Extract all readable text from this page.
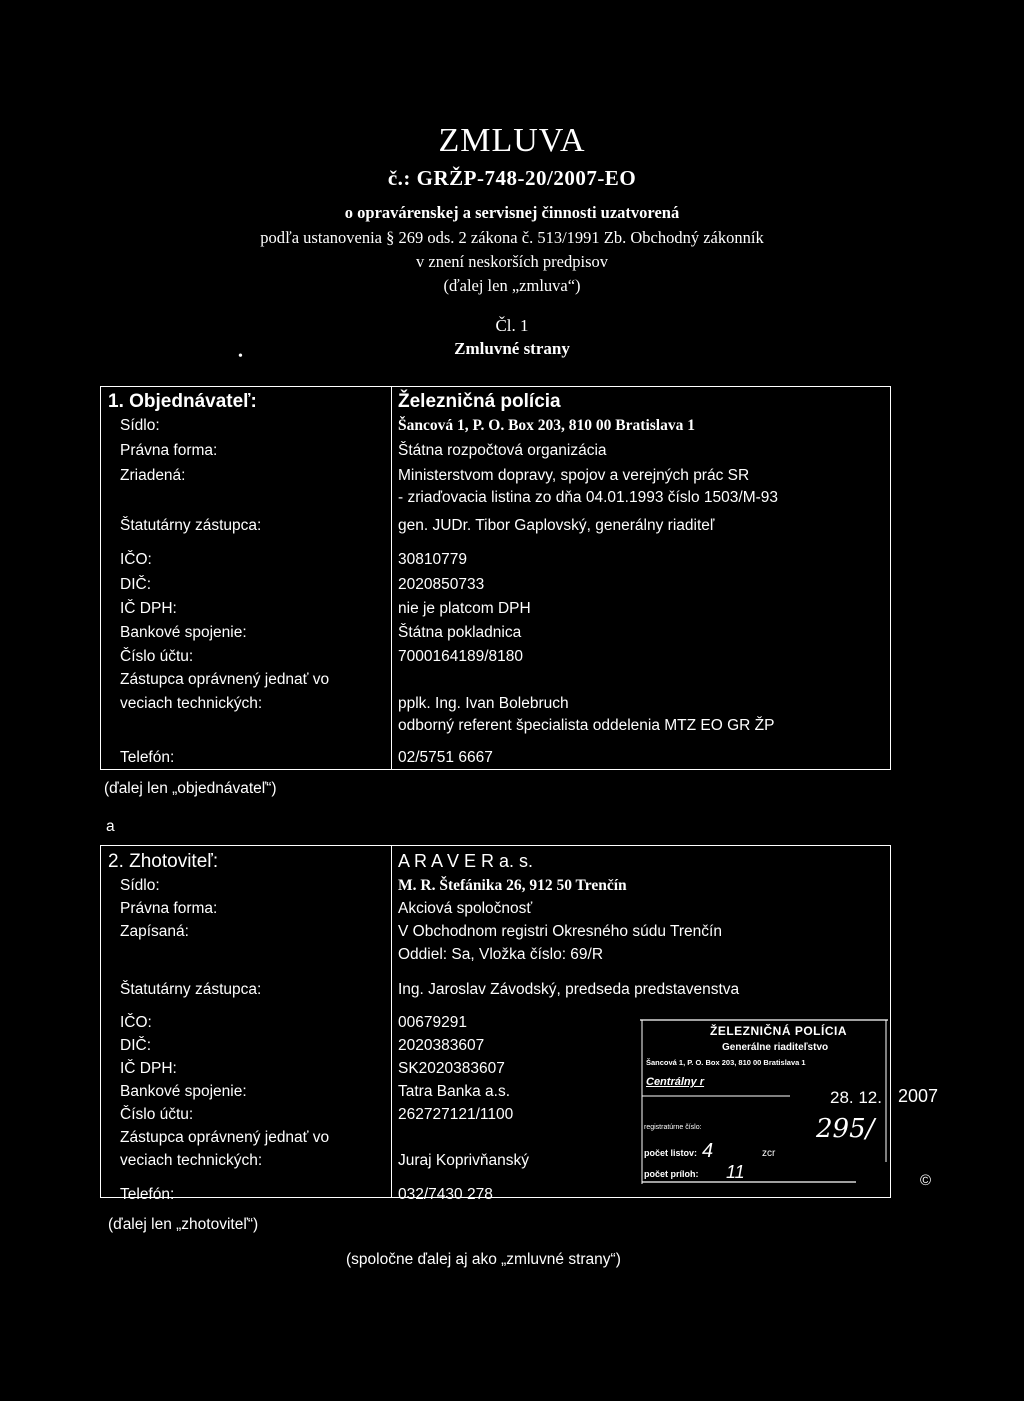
ZMLUVA
č.: GRŽP-748-20/2007-EO
o opravárenskej a servisnej činnosti uzatvorená
podľa ustanovenia § 269 ods. 2 zákona č. 513/1991 Zb. Obchodný zákonník
v znení neskorších predpisov
(ďalej len „zmluva“)
Čl. 1
Zmluvné strany
•
1. Objednávateľ:	Železničná polícia
Sídlo:	Šancová 1, P. O. Box 203, 810 00 Bratislava 1
Právna forma:	Štátna rozpočtová organizácia
Zriadená:	Ministerstvom dopravy, spojov a verejných prác SR
- zriaďovacia listina zo dňa 04.01.1993 číslo 1503/M-93
Štatutárny zástupca:	gen. JUDr. Tibor Gaplovský, generálny riaditeľ
IČO:	30810779
DIČ:	2020850733
IČ DPH:	nie je platcom DPH
Bankové spojenie:	Štátna pokladnica
Číslo účtu:	7000164189/8180
Zástupca oprávnený jednať vo
veciach technických:	pplk. Ing. Ivan Bolebruch
odborný referent špecialista oddelenia MTZ EO GR ŽP
Telefón:	02/5751 6667
(ďalej len „objednávateľ“)
a
2. Zhotoviteľ:	A R A V E R a. s.
Sídlo:	M. R. Štefánika 26, 912 50 Trenčín
Právna forma:	Akciová spoločnosť
Zapísaná:	V Obchodnom registri Okresného súdu Trenčín
Oddiel: Sa, Vložka číslo: 69/R
Štatutárny zástupca:	Ing. Jaroslav Závodský, predseda predstavenstva
IČO:	00679291
DIČ:	2020383607
IČ DPH:	SK2020383607
Bankové spojenie:	Tatra Banka a.s.
Číslo účtu:	262727121/1100
Zástupca oprávnený jednať vo
veciach technických:	Juraj Koprivňanský
Telefón:	032/7430 278
(ďalej len „zhotoviteľ“)
(spoločne ďalej aj ako „zmluvné strany“)
ŽELEZNIČNÁ POLÍCIA
Generálne riaditeľstvo
Šancová 1, P. O. Box 203, 810 00 Bratislava 1
Centrálny r
28. 12. 2007
registratúrne číslo:	295/
počet listov: 4	zcr
počet príloh: 11	©
